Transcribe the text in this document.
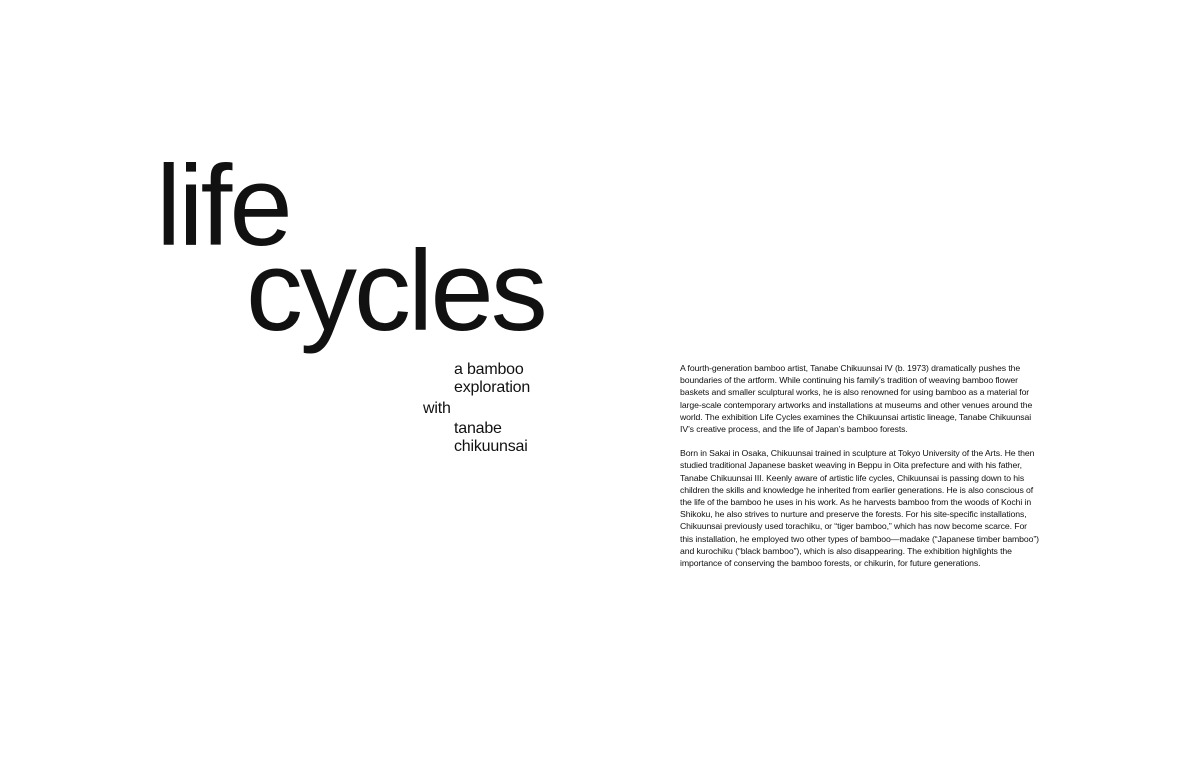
life
cycles
a bamboo
exploration
with
tanabe
chikuunsai

A fourth-generation bamboo artist, Tanabe Chikuunsai IV (b. 1973) dramatically pushes the boundaries of the artform. While continuing his family’s tradition of weaving bamboo flower baskets and smaller sculptural works, he is also renowned for using bamboo as a material for large-scale contemporary artworks and installations at museums and other venues around the world. The exhibition Life Cycles examines the Chikuunsai artistic lineage, Tanabe Chikuunsai IV’s creative process, and the life of Japan’s bamboo forests.

Born in Sakai in Osaka, Chikuunsai trained in sculpture at Tokyo University of the Arts. He then studied traditional Japanese basket weaving in Beppu in Oita prefecture and with his father, Tanabe Chikuunsai III. Keenly aware of artistic life cycles, Chikuunsai is passing down to his children the skills and knowledge he inherited from earlier generations. He is also conscious of the life of the bamboo he uses in his work. As he harvests bamboo from the woods of Kochi in Shikoku, he also strives to nurture and preserve the forests. For his site-specific installations, Chikuunsai previously used torachiku, or “tiger bamboo,” which has now become scarce. For this installation, he employed two other types of bamboo—madake (“Japanese timber bamboo”) and kurochiku (“black bamboo”), which is also disappearing. The exhibition highlights the importance of conserving the bamboo forests, or chikurin, for future generations.
